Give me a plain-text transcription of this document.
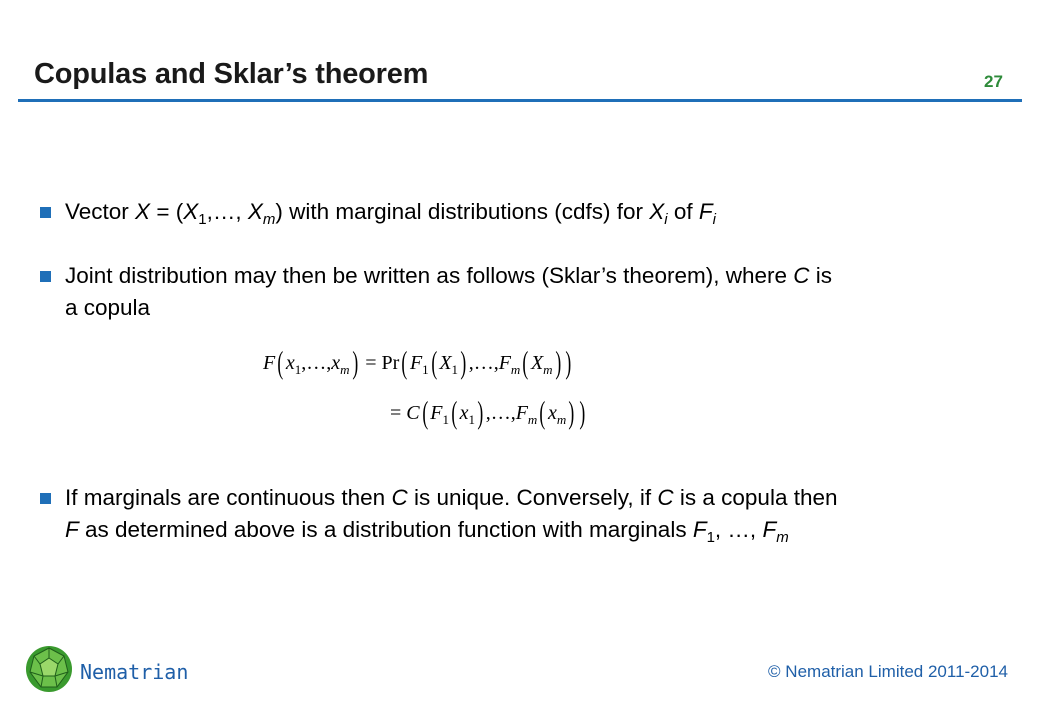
Copulas and Sklar’s theorem	27
Vector $X = (X_1,\dots$, $X_m$) with marginal distributions (cdfs) for $X_i$ of $F_i$
Joint distribution may then be written as follows (Sklar’s theorem), where C is
a copula
F( $x_1,\dots,x_m) = Pr$( $F_1$( $X_1$) $,\dots,F_m$( $X_m$) )
= C( $F_1$( $x_1$) $,\dots,F_m$( $x_m$) )
If marginals are continuous then C is unique. Conversely, if C is a copula then
F as determined above is a distribution function with marginals $F_1$, …, $F_m$
Nematrian	© Nematrian Limited 2011-2014
